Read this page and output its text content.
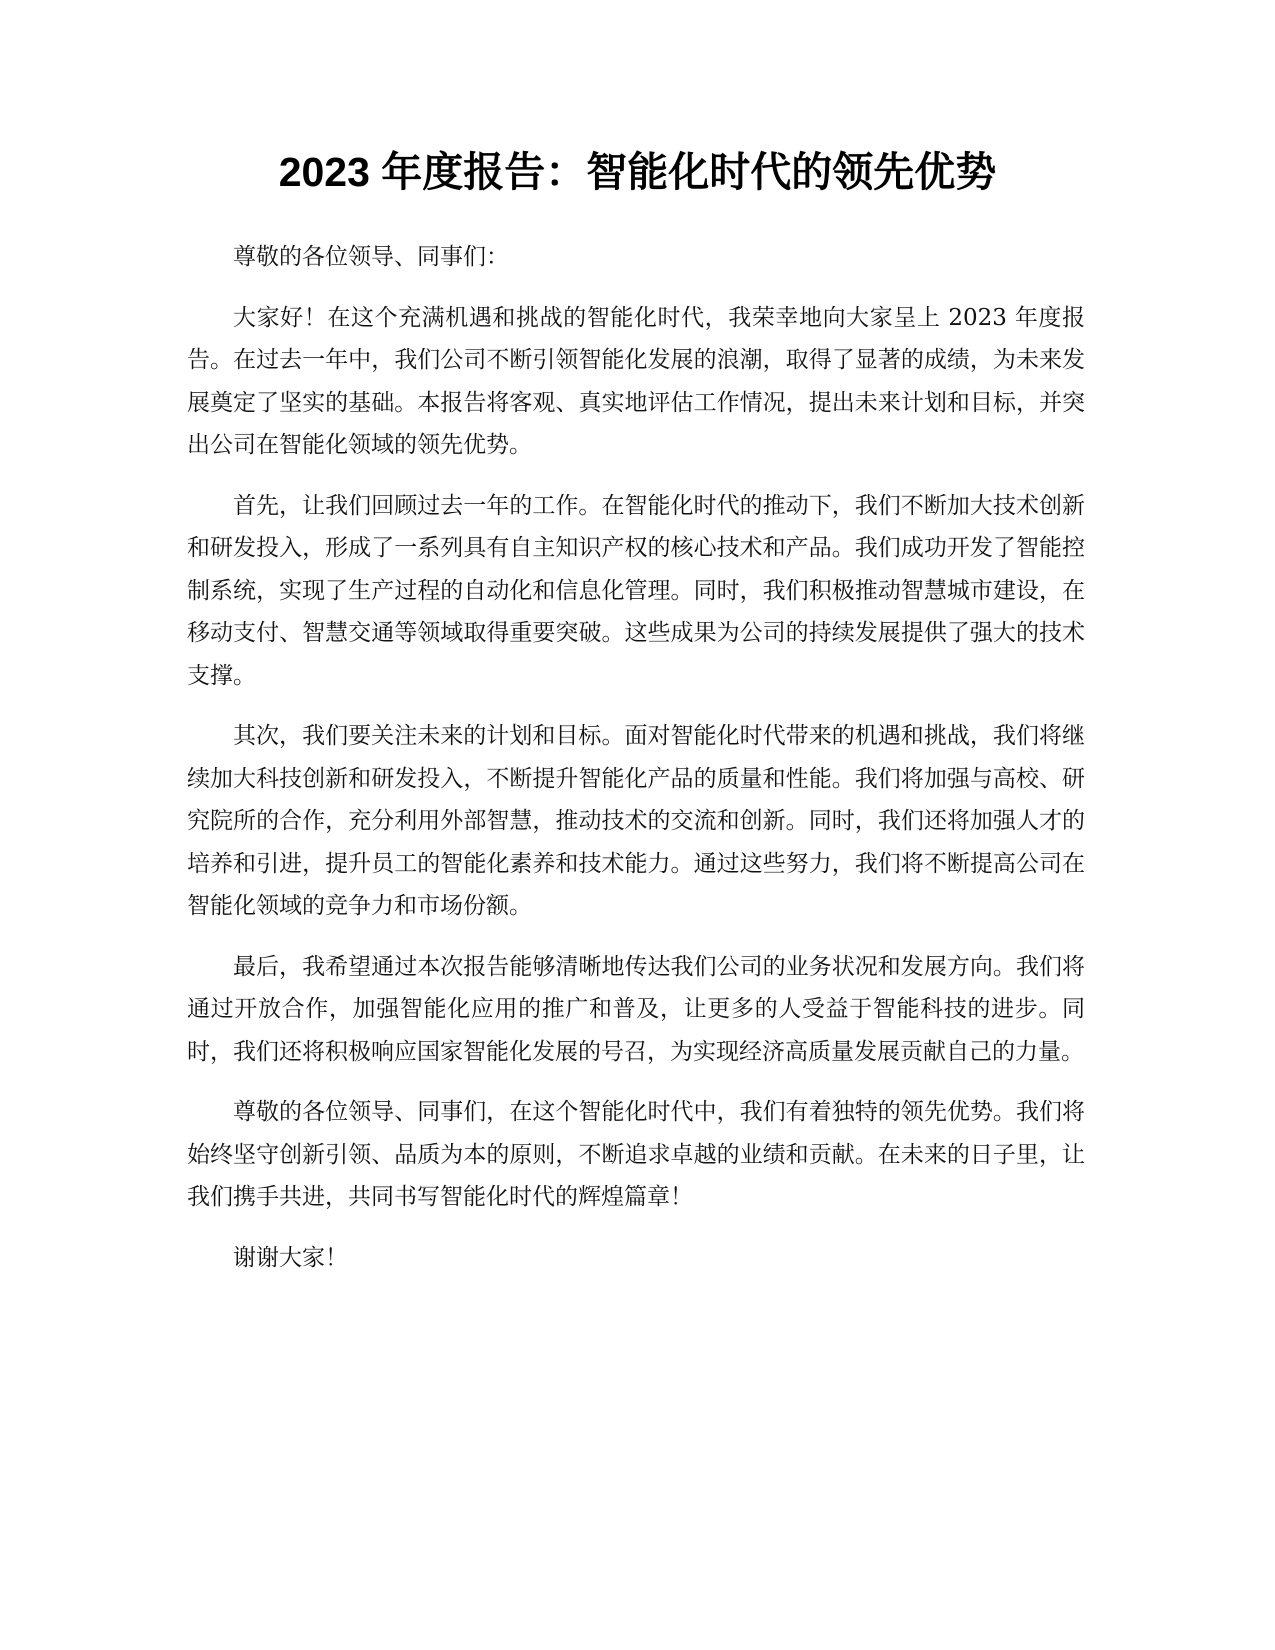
2023 年度报告：智能化时代的领先优势

尊敬的各位领导、同事们：

大家好！在这个充满机遇和挑战的智能化时代，我荣幸地向大家呈上 2023 年度报告。在过去一年中，我们公司不断引领智能化发展的浪潮，取得了显著的成绩，为未来发展奠定了坚实的基础。本报告将客观、真实地评估工作情况，提出未来计划和目标，并突出公司在智能化领域的领先优势。

首先，让我们回顾过去一年的工作。在智能化时代的推动下，我们不断加大技术创新和研发投入，形成了一系列具有自主知识产权的核心技术和产品。我们成功开发了智能控制系统，实现了生产过程的自动化和信息化管理。同时，我们积极推动智慧城市建设，在移动支付、智慧交通等领域取得重要突破。这些成果为公司的持续发展提供了强大的技术支撑。

其次，我们要关注未来的计划和目标。面对智能化时代带来的机遇和挑战，我们将继续加大科技创新和研发投入，不断提升智能化产品的质量和性能。我们将加强与高校、研究院所的合作，充分利用外部智慧，推动技术的交流和创新。同时，我们还将加强人才的培养和引进，提升员工的智能化素养和技术能力。通过这些努力，我们将不断提高公司在智能化领域的竞争力和市场份额。

最后，我希望通过本次报告能够清晰地传达我们公司的业务状况和发展方向。我们将通过开放合作，加强智能化应用的推广和普及，让更多的人受益于智能科技的进步。同时，我们还将积极响应国家智能化发展的号召，为实现经济高质量发展贡献自己的力量。

尊敬的各位领导、同事们，在这个智能化时代中，我们有着独特的领先优势。我们将始终坚守创新引领、品质为本的原则，不断追求卓越的业绩和贡献。在未来的日子里，让我们携手共进，共同书写智能化时代的辉煌篇章！

谢谢大家！
